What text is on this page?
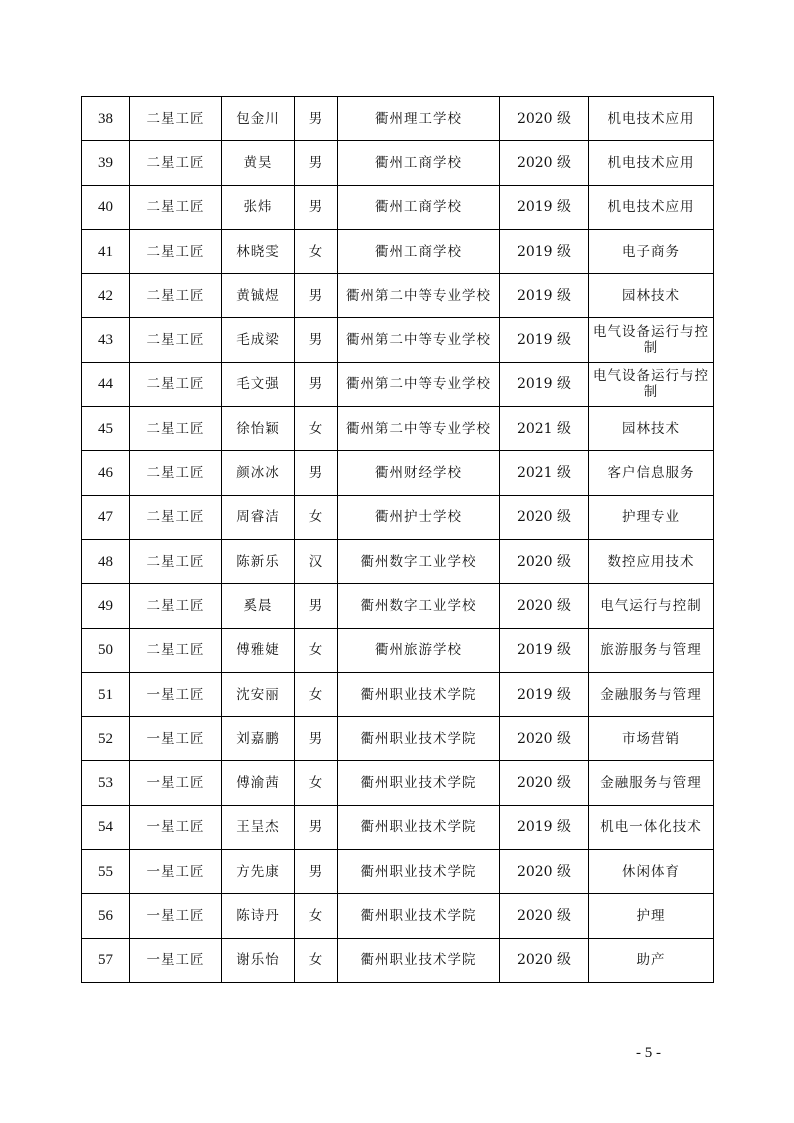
38	二星工匠	包金川	男	衢州理工学校	2020 级	机电技术应用
39	二星工匠	黄昊	男	衢州工商学校	2020 级	机电技术应用
40	二星工匠	张炜	男	衢州工商学校	2019 级	机电技术应用
41	二星工匠	林晓雯	女	衢州工商学校	2019 级	电子商务
42	二星工匠	黄铖煜	男	衢州第二中等专业学校	2019 级	园林技术
43	二星工匠	毛成梁	男	衢州第二中等专业学校	2019 级	电气设备运行与控制
44	二星工匠	毛文强	男	衢州第二中等专业学校	2019 级	电气设备运行与控制
45	二星工匠	徐怡颖	女	衢州第二中等专业学校	2021 级	园林技术
46	二星工匠	颜冰冰	男	衢州财经学校	2021 级	客户信息服务
47	二星工匠	周睿洁	女	衢州护士学校	2020 级	护理专业
48	二星工匠	陈新乐	汉	衢州数字工业学校	2020 级	数控应用技术
49	二星工匠	奚晨	男	衢州数字工业学校	2020 级	电气运行与控制
50	二星工匠	傅雅婕	女	衢州旅游学校	2019 级	旅游服务与管理
51	一星工匠	沈安丽	女	衢州职业技术学院	2019 级	金融服务与管理
52	一星工匠	刘嘉鹏	男	衢州职业技术学院	2020 级	市场营销
53	一星工匠	傅渝茜	女	衢州职业技术学院	2020 级	金融服务与管理
54	一星工匠	王呈杰	男	衢州职业技术学院	2019 级	机电一体化技术
55	一星工匠	方先康	男	衢州职业技术学院	2020 级	休闲体育
56	一星工匠	陈诗丹	女	衢州职业技术学院	2020 级	护理
57	一星工匠	谢乐怡	女	衢州职业技术学院	2020 级	助产
- 5 -
